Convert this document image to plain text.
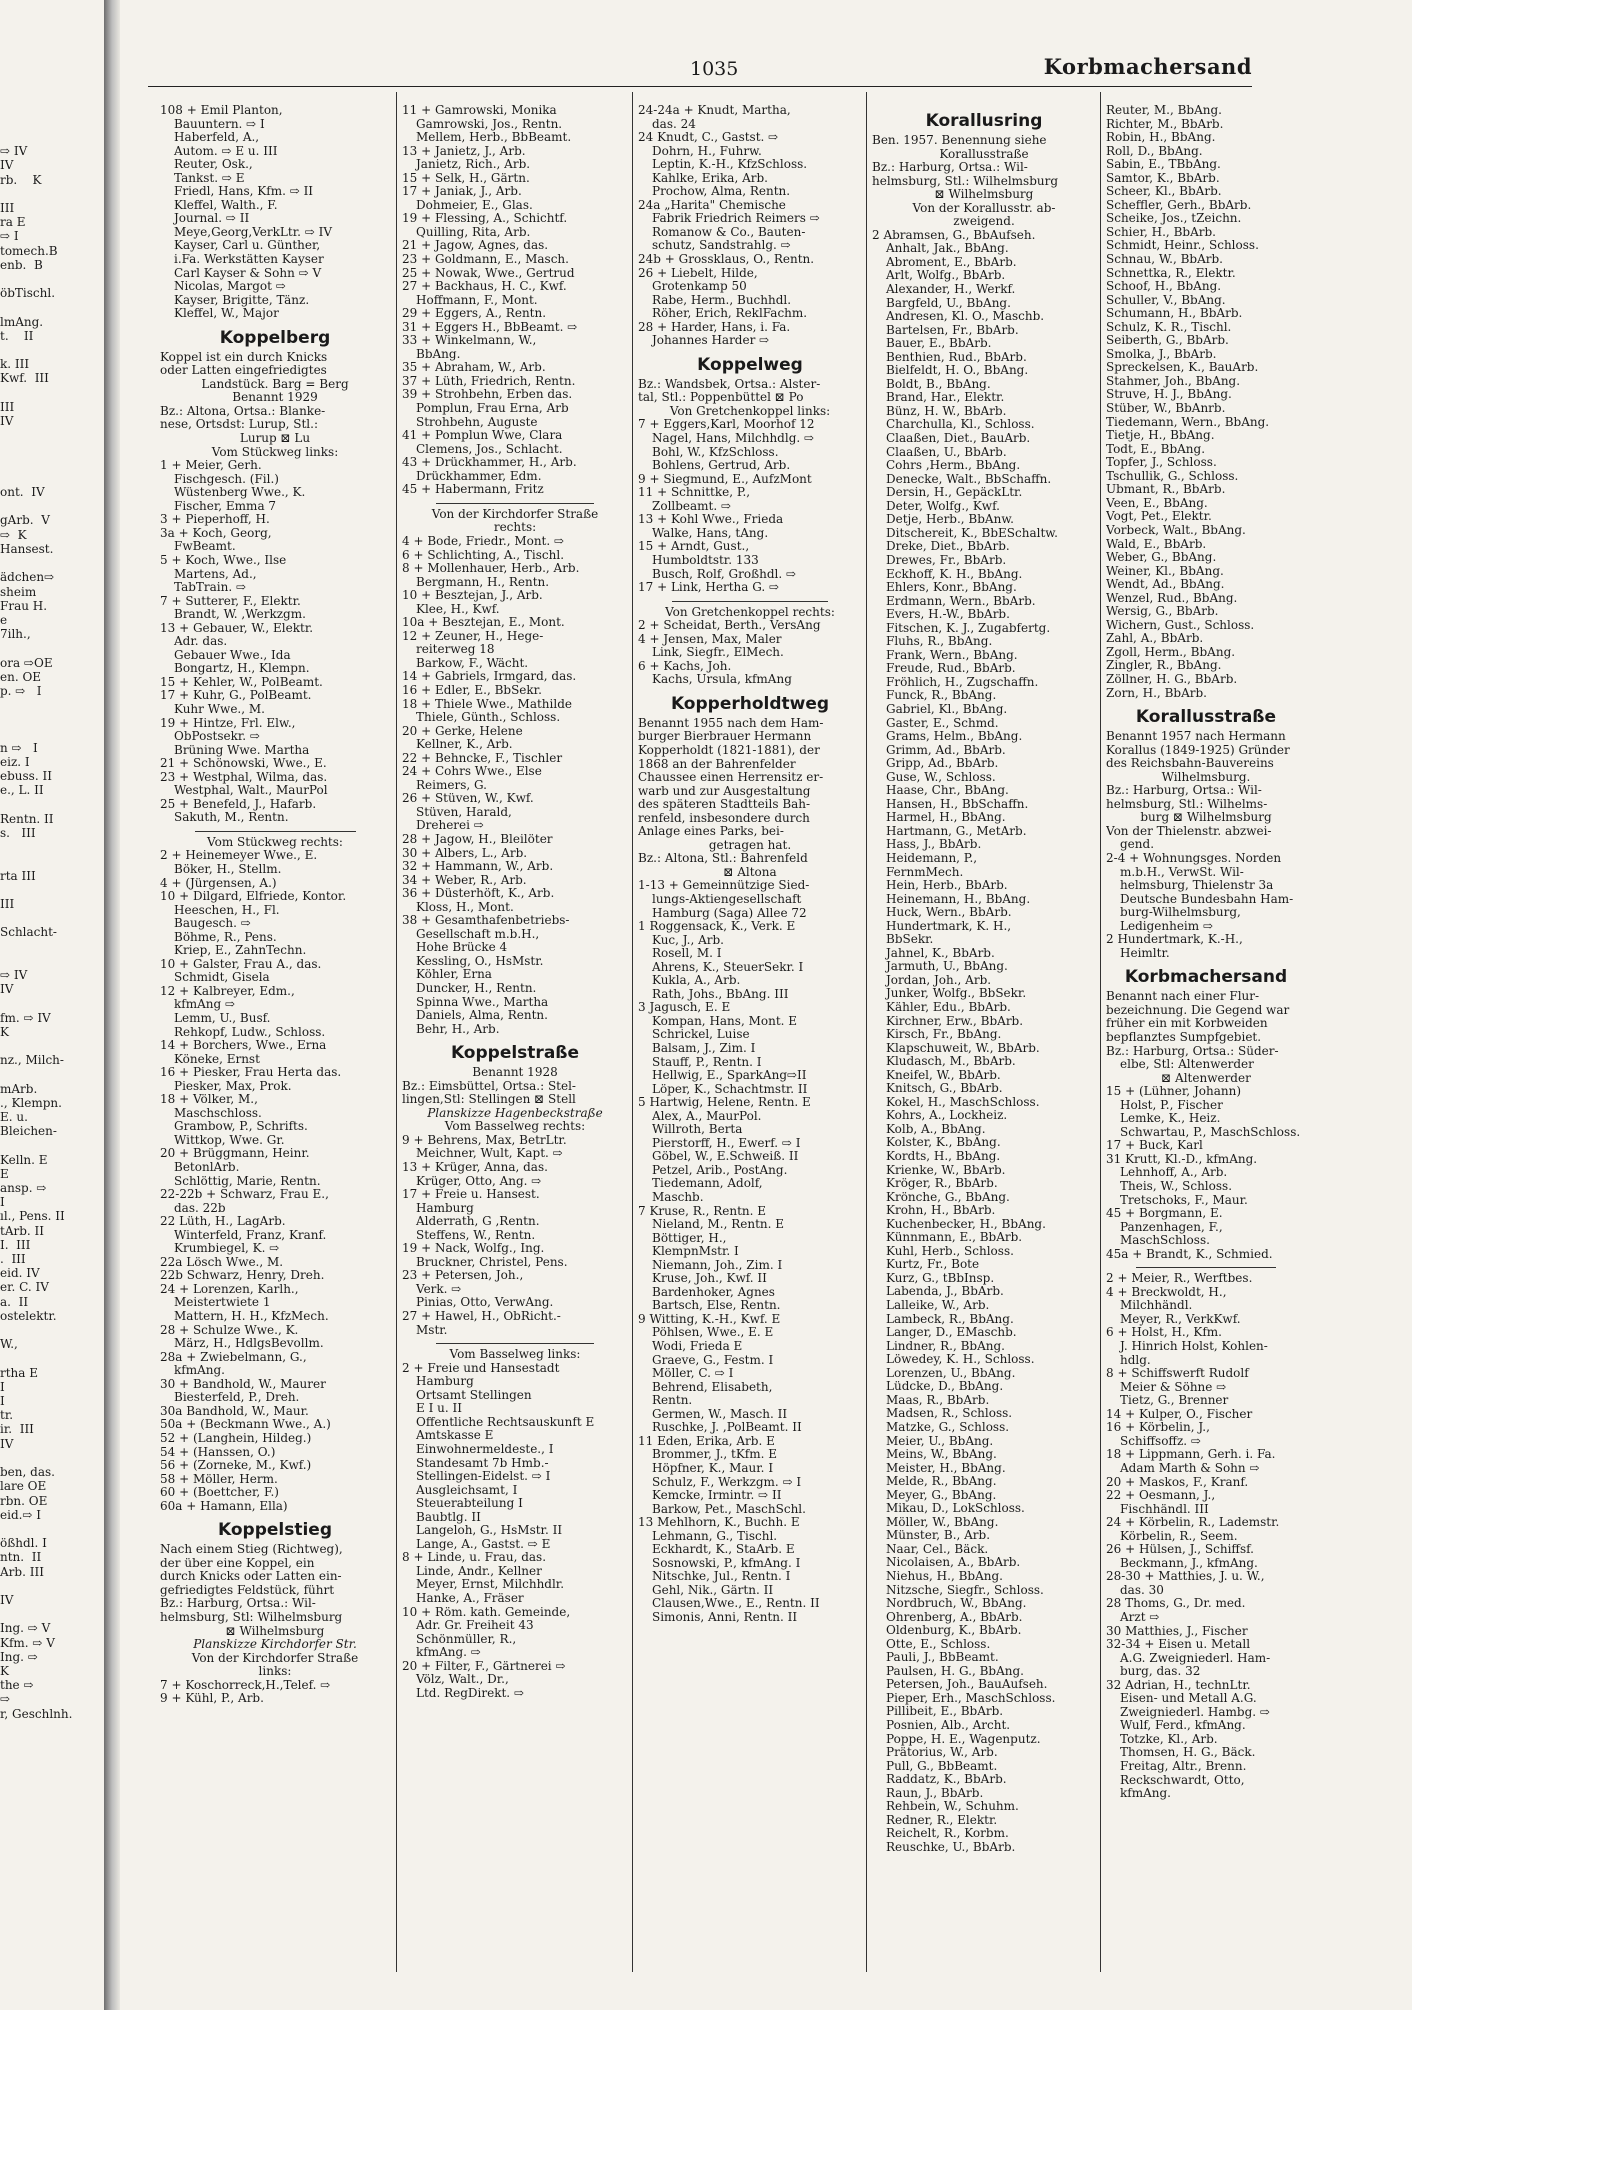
⇨ IV
IV
rb.    K

III
ra E
⇨ I
tomech.B
enb.  B

öbTischl.

lmAng.
t.    II

k. III
Kwf.  III

III
IV

ont.  IV

gArb.  V
⇨  K
Hansest.

ädchen⇨
sheim
Frau H.
e
7ilh.,

ora ⇨OE
en. OE
p. ⇨   I

n ⇨   I
eiz. I
ebuss. II
e., L. II

Rentn. II
s.   III

rta III

III

Schlacht-

⇨ IV
IV

fm. ⇨ IV
K

nz., Milch-

mArb.
., Klempn.
E. u.
Bleichen-

Kelln. E
E
ansp. ⇨
I
ıl., Pens. II
tArb. II
I.  III
.  III
eid. IV
er. C. IV
a.  II
ostelektr.

W.,

rtha E
I
I
tr.
ir.  III
IV

ben, das.
lare OE
rbn. OE
eid.⇨ I

ößhdl. I
ntn.  II
Arb. III

IV

Ing. ⇨ V
Kfm. ⇨ V
Ing. ⇨
K
the ⇨
⇨
r, Geschlnh.
1035	Korbmachersand
108 + Emil Planton,
Bauuntern. ⇨ I
Haberfeld, A.,
Autom. ⇨ E u. III
Reuter, Osk.,
Tankst. ⇨ E
Friedl, Hans, Kfm. ⇨ II
Kleffel, Walth., F.
Journal. ⇨ II
Meye,Georg,VerkLtr. ⇨ IV
Kayser, Carl u. Günther,
i.Fa. Werkstätten Kayser
Carl Kayser & Sohn ⇨ V
Nicolas, Margot ⇨
Kayser, Brigitte, Tänz.
Kleffel, W., Major
Koppelberg
Koppel ist ein durch Knicks
oder Latten eingefriedigtes
Landstück. Barg = Berg
Benannt 1929
Bz.: Altona, Ortsa.: Blanke-
nese, Ortsdst: Lurup, Stl.:
Lurup ⊠ Lu
Vom Stückweg links:
1 + Meier, Gerh.
Fischgesch. (Fil.)
Wüstenberg Wwe., K.
Fischer, Emma 7
3 + Pieperhoff, H.
3a + Koch, Georg,
FwBeamt.
5 + Koch, Wwe., Ilse
Martens, Ad.,
TabTrain. ⇨
7 + Sutterer, F., Elektr.
Brandt, W. ,Werkzgm.
13 + Gebauer, W., Elektr.
Adr. das.
Gebauer Wwe., Ida
Bongartz, H., Klempn.
15 + Kehler, W., PolBeamt.
17 + Kuhr, G., PolBeamt.
Kuhr Wwe., M.
19 + Hintze, Frl. Elw.,
ObPostsekr. ⇨
Brüning Wwe. Martha
21 + Schönowski, Wwe., E.
23 + Westphal, Wilma, das.
Westphal, Walt., MaurPol
25 + Benefeld, J., Hafarb.
Sakuth, M., Rentn.
Vom Stückweg rechts:
2 + Heinemeyer Wwe., E.
Böker, H., Stellm.
4 + (Jürgensen, A.)
10 + Dilgard, Elfriede, Kontor.
Heeschen, H., Fl.
Baugesch. ⇨
Böhme, R., Pens.
Kriep, E., ZahnTechn.
10 + Galster, Frau A., das.
Schmidt, Gisela
12 + Kalbreyer, Edm.,
kfmAng ⇨
Lemm, U., Busf.
Rehkopf, Ludw., Schloss.
14 + Borchers, Wwe., Erna
Köneke, Ernst
16 + Piesker, Frau Herta das.
Piesker, Max, Prok.
18 + Völker, M.,
Maschschloss.
Grambow, P., Schrifts.
Wittkop, Wwe. Gr.
20 + Brüggmann, Heinr.
BetonlArb.
Schlöttig, Marie, Rentn.
22-22b + Schwarz, Frau E.,
das. 22b
22 Lüth, H., LagArb.
Winterfeld, Franz, Kranf.
Krumbiegel, K. ⇨
22a Lösch Wwe., M.
22b Schwarz, Henry, Dreh.
24 + Lorenzen, Karlh.,
Meistertwiete 1
Mattern, H. H., KfzMech.
28 + Schulze Wwe., K.
März, H., HdlgsBevollm.
28a + Zwiebelmann, G.,
kfmAng.
30 + Bandhold, W., Maurer
Biesterfeld, P., Dreh.
30a Bandhold, W., Maur.
50a + (Beckmann Wwe., A.)
52 + (Langhein, Hildeg.)
54 + (Hanssen, O.)
56 + (Zorneke, M., Kwf.)
58 + Möller, Herm.
60 + (Boettcher, F.)
60a + Hamann, Ella)
Koppelstieg
Nach einem Stieg (Richtweg),
der über eine Koppel, ein
durch Knicks oder Latten ein-
gefriedigtes Feldstück, führt
Bz.: Harburg, Ortsa.: Wil-
helmsburg, Stl: Wilhelmsburg
⊠ Wilhelmsburg
Planskizze Kirchdorfer Str.
Von der Kirchdorfer Straße
links:
7 + Koschorreck,H.,Telef. ⇨
9 + Kühl, P., Arb.
11 + Gamrowski, Monika
Gamrowski, Jos., Rentn.
Mellem, Herb., BbBeamt.
13 + Janietz, J., Arb.
Janietz, Rich., Arb.
15 + Selk, H., Gärtn.
17 + Janiak, J., Arb.
Dohmeier, E., Glas.
19 + Flessing, A., Schichtf.
Quilling, Rita, Arb.
21 + Jagow, Agnes, das.
23 + Goldmann, E., Masch.
25 + Nowak, Wwe., Gertrud
27 + Backhaus, H. C., Kwf.
Hoffmann, F., Mont.
29 + Eggers, A., Rentn.
31 + Eggers H., BbBeamt. ⇨
33 + Winkelmann, W.,
BbAng.
35 + Abraham, W., Arb.
37 + Lüth, Friedrich, Rentn.
39 + Strohbehn, Erben das.
Pomplun, Frau Erna, Arb
Strohbehn, Auguste
41 + Pomplun Wwe, Clara
Clemens, Jos., Schlacht.
43 + Drückhammer, H., Arb.
Drückhammer, Edm.
45 + Habermann, Fritz
Von der Kirchdorfer Straße
rechts:
4 + Bode, Friedr., Mont. ⇨
6 + Schlichting, A., Tischl.
8 + Mollenhauer, Herb., Arb.
Bergmann, H., Rentn.
10 + Besztejan, J., Arb.
Klee, H., Kwf.
10a + Besztejan, E., Mont.
12 + Zeuner, H., Hege-
reiterweg 18
Barkow, F., Wächt.
14 + Gabriels, Irmgard, das.
16 + Edler, E., BbSekr.
18 + Thiele Wwe., Mathilde
Thiele, Günth., Schloss.
20 + Gerke, Helene
Kellner, K., Arb.
22 + Behncke, F., Tischler
24 + Cohrs Wwe., Else
Reimers, G.
26 + Stüven, W., Kwf.
Stüven, Harald,
Dreherei ⇨
28 + Jagow, H., Bleilöter
30 + Albers, L., Arb.
32 + Hammann, W., Arb.
34 + Weber, R., Arb.
36 + Düsterhöft, K., Arb.
Kloss, H., Mont.
38 + Gesamthafenbetriebs-
Gesellschaft m.b.H.,
Hohe Brücke 4
Kessling, O., HsMstr.
Köhler, Erna
Duncker, H., Rentn.
Spinna Wwe., Martha
Daniels, Alma, Rentn.
Behr, H., Arb.
Koppelstraße
Benannt 1928
Bz.: Eimsbüttel, Ortsa.: Stel-
lingen,Stl: Stellingen ⊠ Stell
Planskizze Hagenbeckstraße
Vom Basselweg rechts:
9 + Behrens, Max, BetrLtr.
Meichner, Wult, Kapt. ⇨
13 + Krüger, Anna, das.
Krüger, Otto, Ang. ⇨
17 + Freie u. Hansest.
Hamburg
Alderrath, G ,Rentn.
Steffens, W., Rentn.
19 + Nack, Wolfg., Ing.
Bruckner, Christel, Pens.
23 + Petersen, Joh.,
Verk. ⇨
Pinias, Otto, VerwAng.
27 + Hawel, H., ObRicht.-
Mstr.
Vom Basselweg links:
2 + Freie und Hansestadt
Hamburg
Ortsamt Stellingen
E I u. II
Öffentliche Rechtsauskunft E
Amtskasse E
Einwohnermeldeste., I
Standesamt 7b Hmb.-
Stellingen-Eidelst. ⇨ I
Ausgleichsamt, I
Steuerabteilung I
Baubtlg. II
Langeloh, G., HsMstr. II
Lange, A., Gastst. ⇨ E
8 + Linde, u. Frau, das.
Linde, Andr., Kellner
Meyer, Ernst, Milchhdlr.
Hanke, A., Fräser
10 + Röm. kath. Gemeinde,
Adr. Gr. Freiheit 43
Schönmüller, R.,
kfmAng. ⇨
20 + Filter, F., Gärtnerei ⇨
Völz, Walt., Dr.,
Ltd. RegDirekt. ⇨
24-24a + Knudt, Martha,
das. 24
24 Knudt, C., Gastst. ⇨
Dohrn, H., Fuhrw.
Leptin, K.-H., KfzSchloss.
Kahlke, Erika, Arb.
Prochow, Alma, Rentn.
24a „Harita" Chemische
Fabrik Friedrich Reimers ⇨
Romanow & Co., Bauten-
schutz, Sandstrahlg. ⇨
24b + Grossklaus, O., Rentn.
26 + Liebelt, Hilde,
Grotenkamp 50
Rabe, Herm., Buchhdl.
Röher, Erich, ReklFachm.
28 + Harder, Hans, i. Fa.
Johannes Harder ⇨
Koppelweg
Bz.: Wandsbek, Ortsa.: Alster-
tal, Stl.: Poppenbüttel ⊠ Po
Von Gretchenkoppel links:
7 + Eggers,Karl, Moorhof 12
Nagel, Hans, Milchhdlg. ⇨
Bohl, W., KfzSchloss.
Bohlens, Gertrud, Arb.
9 + Siegmund, E., AufzMont
11 + Schnittke, P.,
Zollbeamt. ⇨
13 + Kohl Wwe., Frieda
Walke, Hans, tAng.
15 + Arndt, Gust.,
Humboldtstr. 133
Busch, Rolf, Großhdl. ⇨
17 + Link, Hertha G. ⇨
Von Gretchenkoppel rechts:
2 + Scheidat, Berth., VersAng
4 + Jensen, Max, Maler
Link, Siegfr., ElMech.
6 + Kachs, Joh.
Kachs, Ursula, kfmAng
Kopperholdtweg
Benannt 1955 nach dem Ham-
burger Bierbrauer Hermann
Kopperholdt (1821-1881), der
1868 an der Bahrenfelder
Chaussee einen Herrensitz er-
warb und zur Ausgestaltung
des späteren Stadtteils Bah-
renfeld, insbesondere durch
Anlage eines Parks, bei-
getragen hat.
Bz.: Altona, Stl.: Bahrenfeld
⊠ Altona
1-13 + Gemeinnützige Sied-
lungs-Aktiengesellschaft
Hamburg (Saga) Allee 72
1 Roggensack, K., Verk. E
Kuc, J., Arb.
Rosell, M. I
Ahrens, K., SteuerSekr. I
Kukla, A., Arb.
Rath, Johs., BbAng. III
3 Jagusch, E. E
Kompan, Hans, Mont. E
Schrickel, Luise
Balsam, J., Zim. I
Stauff, P., Rentn. I
Hellwig, E., SparkAng⇨II
Löper, K., Schachtmstr. II
5 Hartwig, Helene, Rentn. E
Alex, A., MaurPol.
Willroth, Berta
Pierstorff, H., Ewerf. ⇨ I
Göbel, W., E.Schweiß. II
Petzel, Arib., PostAng.
Tiedemann, Adolf,
Maschb.
7 Kruse, R., Rentn. E
Nieland, M., Rentn. E
Böttiger, H.,
KlempnMstr. I
Niemann, Joh., Zim. I
Kruse, Joh., Kwf. II
Bardenhoker, Agnes
Bartsch, Else, Rentn.
9 Witting, K.-H., Kwf. E
Pöhlsen, Wwe., E. E
Wodi, Frieda E
Graeve, G., Festm. I
Möller, C. ⇨ I
Behrend, Elisabeth,
Rentn.
Germen, W., Masch. II
Ruschke, J. ,PolBeamt. II
11 Eden, Erika, Arb. E
Brommer, J., tKfm. E
Höpfner, K., Maur. I
Schulz, F., Werkzgm. ⇨ I
Kemcke, Irmintr. ⇨ II
Barkow, Pet., MaschSchl.
13 Mehlhorn, K., Buchh. E
Lehmann, G., Tischl.
Eckhardt, K., StaArb. E
Sosnowski, P., kfmAng. I
Nitschke, Jul., Rentn. I
Gehl, Nik., Gärtn. II
Clausen,Wwe., E., Rentn. II
Simonis, Anni, Rentn. II
Korallusring
Ben. 1957. Benennung siehe
Korallusstraße
Bz.: Harburg, Ortsa.: Wil-
helmsburg, Stl.: Wilhelmsburg
⊠ Wilhelmsburg
Von der Korallusstr. ab-
zweigend.
2 Abramsen, G., BbAufseh.
Anhalt, Jak., BbAng.
Abroment, E., BbArb.
Arlt, Wolfg., BbArb.
Alexander, H., Werkf.
Bargfeld, U., BbAng.
Andresen, Kl. O., Maschb.
Bartelsen, Fr., BbArb.
Bauer, E., BbArb.
Benthien, Rud., BbArb.
Bielfeldt, H. O., BbAng.
Boldt, B., BbAng.
Brand, Har., Elektr.
Bünz, H. W., BbArb.
Charchulla, Kl., Schloss.
Claaßen, Diet., BauArb.
Claaßen, U., BbArb.
Cohrs ,Herm., BbAng.
Denecke, Walt., BbSchaffn.
Dersin, H., GepäckLtr.
Deter, Wolfg., Kwf.
Detje, Herb., BbAnw.
Ditschereit, K., BbESchaltw.
Dreke, Diet., BbArb.
Drewes, Fr., BbArb.
Eckhoff, K. H., BbAng.
Ehlers, Konr., BbAng.
Erdmann, Wern., BbArb.
Evers, H.-W., BbArb.
Fitschen, K. J., Zugabfertg.
Fluhs, R., BbAng.
Frank, Wern., BbAng.
Freude, Rud., BbArb.
Fröhlich, H., Zugschaffn.
Funck, R., BbAng.
Gabriel, Kl., BbAng.
Gaster, E., Schmd.
Grams, Helm., BbAng.
Grimm, Ad., BbArb.
Gripp, Ad., BbArb.
Guse, W., Schloss.
Haase, Chr., BbAng.
Hansen, H., BbSchaffn.
Harmel, H., BbAng.
Hartmann, G., MetArb.
Hass, J., BbArb.
Heidemann, P.,
FernmMech.
Hein, Herb., BbArb.
Heinemann, H., BbAng.
Huck, Wern., BbArb.
Hundertmark, K. H.,
BbSekr.
Jahnel, K., BbArb.
Jarmuth, U., BbAng.
Jordan, Joh., Arb.
Junker, Wolfg., BbSekr.
Kähler, Edu., BbArb.
Kirchner, Erw., BbArb.
Kirsch, Fr., BbAng.
Klapschuweit, W., BbArb.
Kludasch, M., BbArb.
Kneifel, W., BbArb.
Knitsch, G., BbArb.
Kokel, H., MaschSchloss.
Kohrs, A., Lockheiz.
Kolb, A., BbAng.
Kolster, K., BbAng.
Kordts, H., BbAng.
Krienke, W., BbArb.
Kröger, R., BbArb.
Krönche, G., BbAng.
Krohn, H., BbArb.
Kuchenbecker, H., BbAng.
Künnmann, E., BbArb.
Kuhl, Herb., Schloss.
Kurtz, Fr., Bote
Kurz, G., tBbInsp.
Labenda, J., BbArb.
Lalleike, W., Arb.
Lambeck, R., BbAng.
Langer, D., EMaschb.
Lindner, R., BbAng.
Löwedey, K. H., Schloss.
Lorenzen, U., BbAng.
Lüdcke, D., BbAng.
Maas, R., BbArb.
Madsen, R., Schloss.
Matzke, G., Schloss.
Meier, U., BbAng.
Meins, W., BbAng.
Meister, H., BbAng.
Melde, R., BbAng.
Meyer, G., BbAng.
Mikau, D., LokSchloss.
Möller, W., BbAng.
Münster, B., Arb.
Naar, Cel., Bäck.
Nicolaisen, A., BbArb.
Niehus, H., BbAng.
Nitzsche, Siegfr., Schloss.
Nordbruch, W., BbAng.
Ohrenberg, A., BbArb.
Oldenburg, K., BbArb.
Otte, E., Schloss.
Pauli, J., BbBeamt.
Paulsen, H. G., BbAng.
Petersen, Joh., BauAufseh.
Pieper, Erh., MaschSchloss.
Pillibeit, E., BbArb.
Posnien, Alb., Archt.
Poppe, H. E., Wagenputz.
Prätorius, W., Arb.
Pull, G., BbBeamt.
Raddatz, K., BbArb.
Raun, J., BbArb.
Rehbein, W., Schuhm.
Redner, R., Elektr.
Reichelt, R., Korbm.
Reuschke, U., BbArb.
Reuter, M., BbAng.
Richter, M., BbArb.
Robin, H., BbAng.
Roll, D., BbAng.
Sabin, E., TBbAng.
Samtor, K., BbArb.
Scheer, Kl., BbArb.
Scheffler, Gerh., BbArb.
Scheike, Jos., tZeichn.
Schier, H., BbArb.
Schmidt, Heinr., Schloss.
Schnau, W., BbArb.
Schnettka, R., Elektr.
Schoof, H., BbAng.
Schuller, V., BbAng.
Schumann, H., BbArb.
Schulz, K. R., Tischl.
Seiberth, G., BbArb.
Smolka, J., BbArb.
Spreckelsen, K., BauArb.
Stahmer, Joh., BbAng.
Struve, H. J., BbAng.
Stüber, W., BbAnrb.
Tiedemann, Wern., BbAng.
Tietje, H., BbAng.
Todt, E., BbAng.
Topfer, J., Schloss.
Tschullik, G., Schloss.
Übmant, R., BbArb.
Veen, E., BbAng.
Vogt, Pet., Elektr.
Vorbeck, Walt., BbAng.
Wald, E., BbArb.
Weber, G., BbAng.
Weiner, Kl., BbAng.
Wendt, Ad., BbAng.
Wenzel, Rud., BbAng.
Wersig, G., BbArb.
Wichern, Gust., Schloss.
Zahl, A., BbArb.
Zgoll, Herm., BbAng.
Zingler, R., BbAng.
Zöllner, H. G., BbArb.
Zorn, H., BbArb.
Korallusstraße
Benannt 1957 nach Hermann
Korallus (1849-1925) Gründer
des Reichsbahn-Bauvereins
Wilhelmsburg.
Bz.: Harburg, Ortsa.: Wil-
helmsburg, Stl.: Wilhelms-
burg ⊠ Wilhelmsburg
Von der Thielenstr. abzwei-
gend.
2-4 + Wohnungsges. Norden
m.b.H., VerwSt. Wil-
helmsburg, Thielenstr 3a
Deutsche Bundesbahn Ham-
burg-Wilhelmsburg,
Ledigenheim ⇨
2 Hundertmark, K.-H.,
Heimltr.
Korbmachersand
Benannt nach einer Flur-
bezeichnung. Die Gegend war
früher ein mit Korbweiden
bepflanztes Sumpfgebiet.
Bz.: Harburg, Ortsa.: Süder-
elbe, Stl: Altenwerder
⊠ Altenwerder
15 + (Lühner, Johann)
Holst, P., Fischer
Lemke, K., Heiz.
Schwartau, P., MaschSchloss.
17 + Buck, Karl
31 Krutt, Kl.-D., kfmAng.
Lehnhoff, A., Arb.
Theis, W., Schloss.
Tretschoks, F., Maur.
45 + Borgmann, E.
Panzenhagen, F.,
MaschSchloss.
45a + Brandt, K., Schmied.
2 + Meier, R., Werftbes.
4 + Breckwoldt, H.,
Milchhändl.
Meyer, R., VerkKwf.
6 + Holst, H., Kfm.
J. Hinrich Holst, Kohlen-
hdlg.
8 + Schiffswerft Rudolf
Meier & Söhne ⇨
Tietz, G., Brenner
14 + Kulper, O., Fischer
16 + Körbelin, J.,
Schiffsoffz. ⇨
18 + Lippmann, Gerh. i. Fa.
Adam Marth & Sohn ⇨
20 + Maskos, F., Kranf.
22 + Oesmann, J.,
Fischhändl. III
24 + Körbelin, R., Lademstr.
Körbelin, R., Seem.
26 + Hülsen, J., Schiffsf.
Beckmann, J., kfmAng.
28-30 + Matthies, J. u. W.,
das. 30
28 Thoms, G., Dr. med.
Arzt ⇨
30 Matthies, J., Fischer
32-34 + Eisen u. Metall
A.G. Zweigniederl. Ham-
burg, das. 32
32 Adrian, H., technLtr.
Eisen- und Metall A.G.
Zweigniederl. Hambg. ⇨
Wulf, Ferd., kfmAng.
Totzke, Kl., Arb.
Thomsen, H. G., Bäck.
Freitag, Altr., Brenn.
Reckschwardt, Otto,
kfmAng.
